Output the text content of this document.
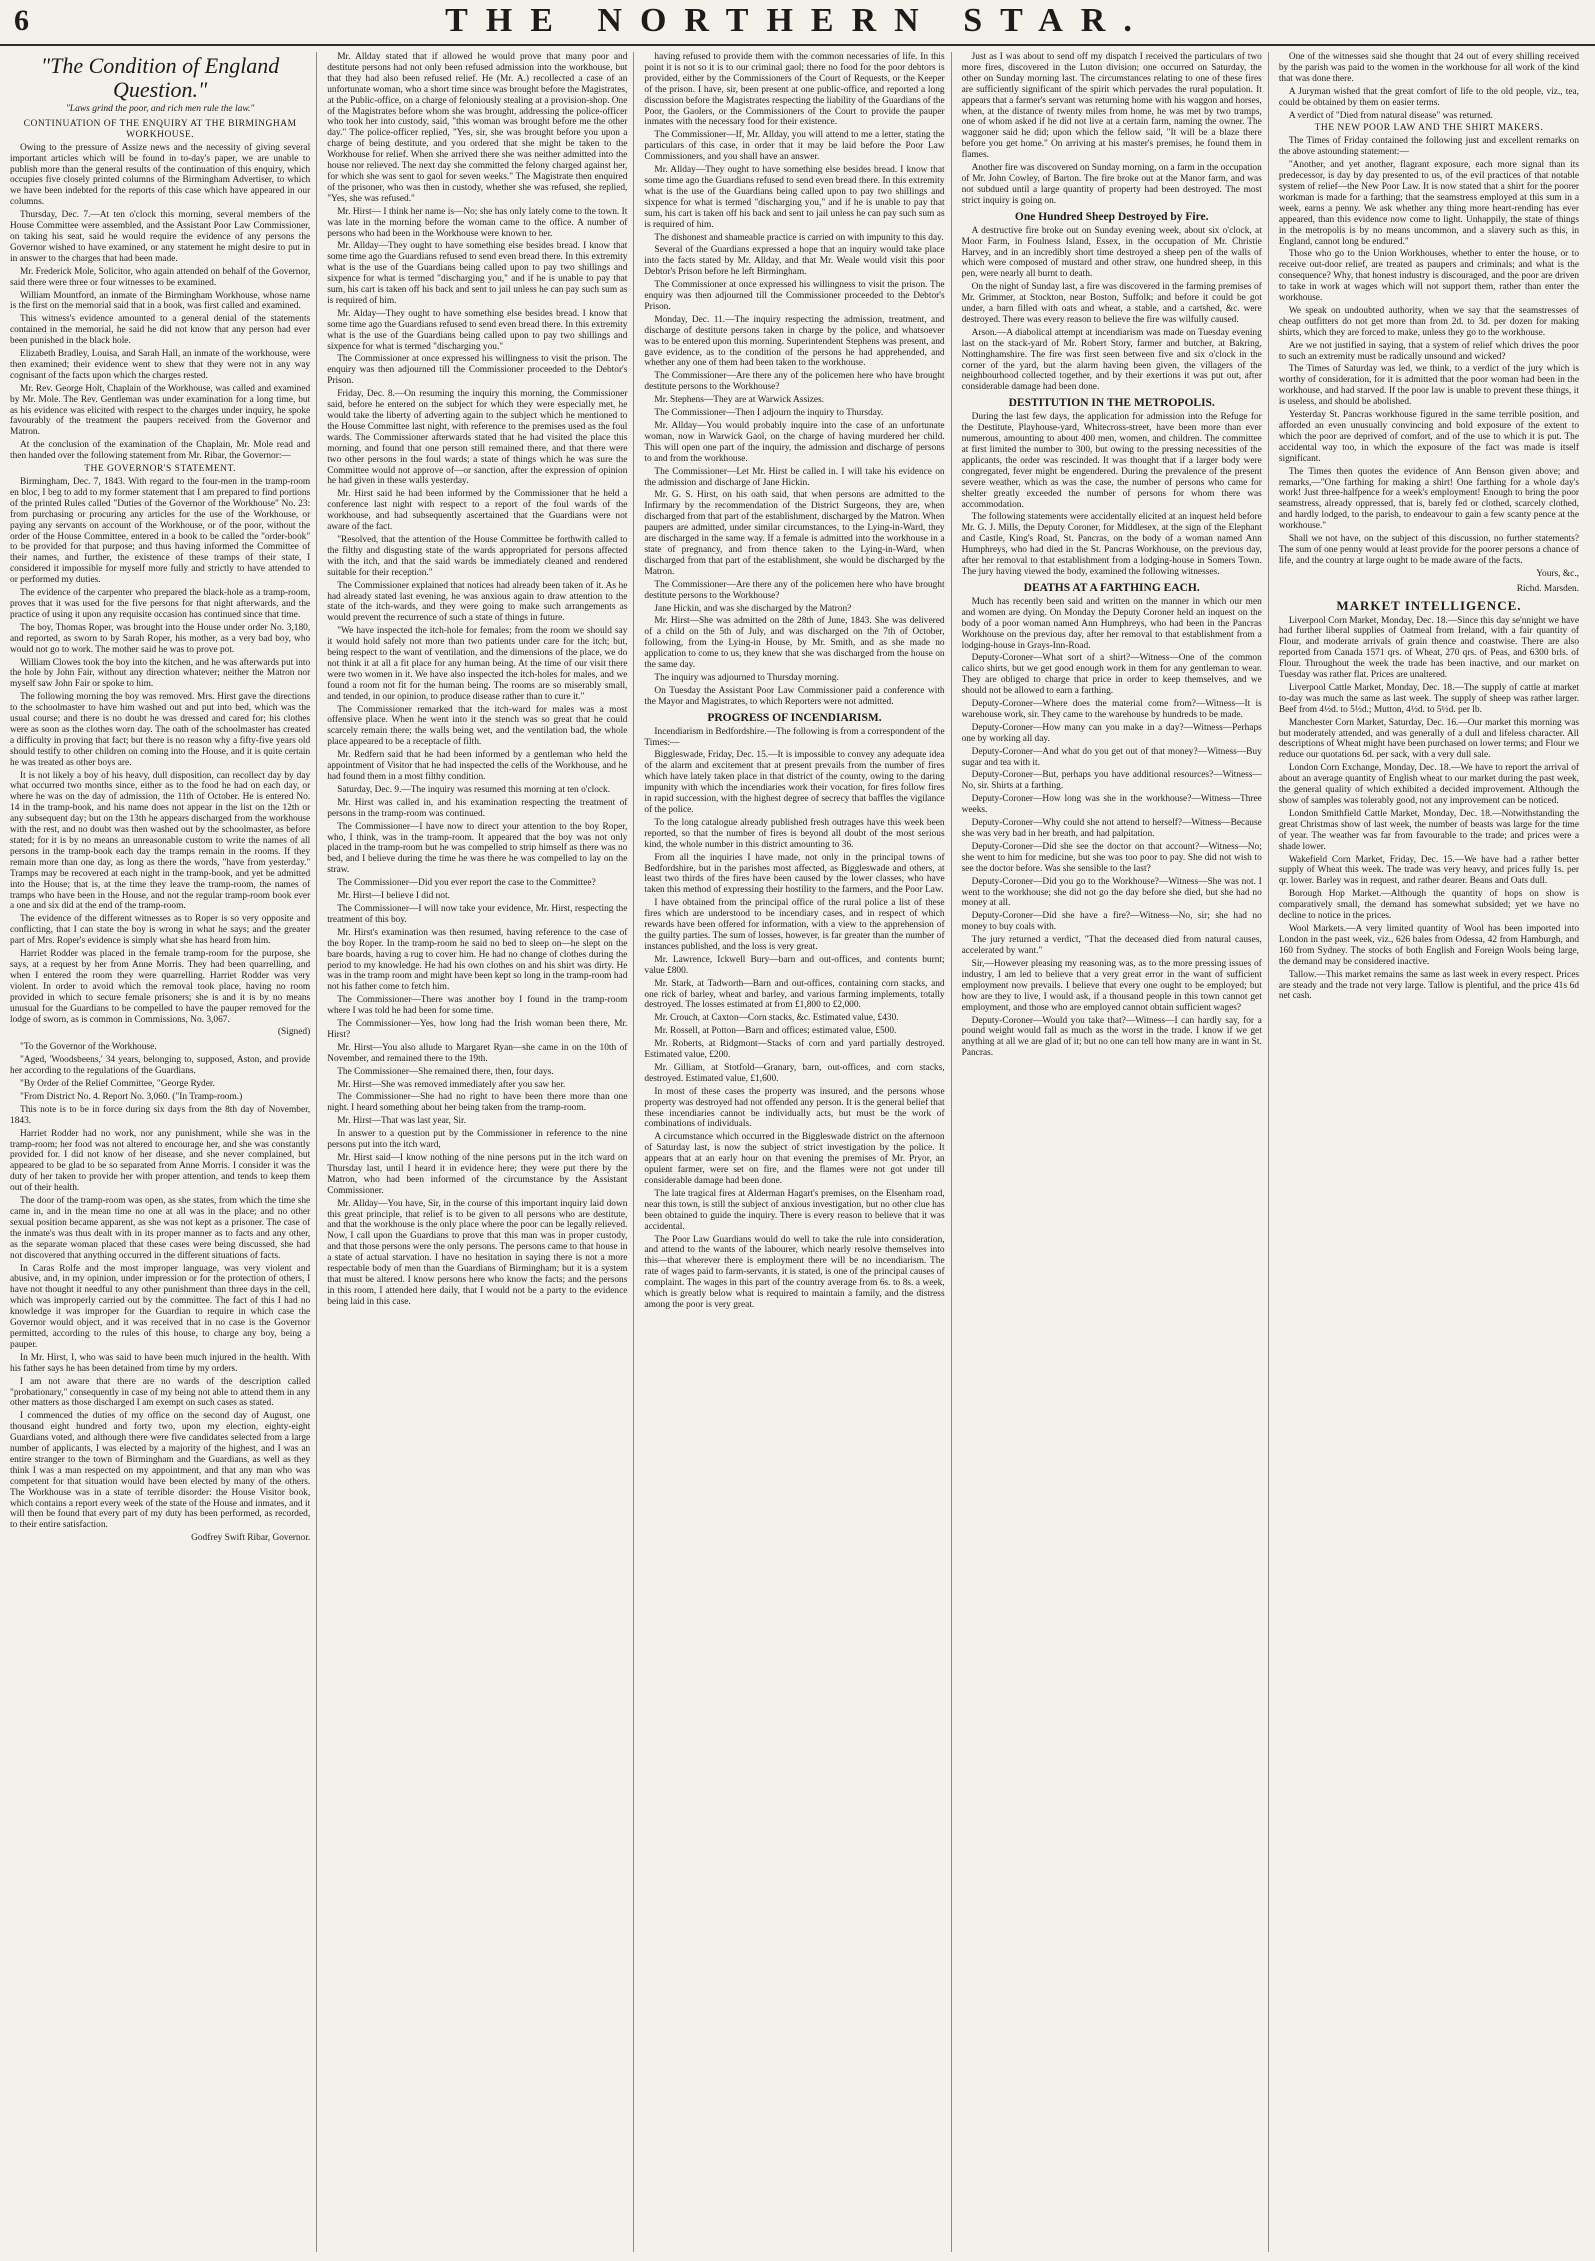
6	THE NORTHERN STAR.
"The Condition of England Question."
"Laws grind the poor, and rich men rule the law."
CONTINUATION OF THE ENQUIRY AT THE BIRMINGHAM WORKHOUSE.

Owing to the pressure of Assize news and the necessity of giving several important articles which will be found in to-day's paper, we are unable to publish more than the general results of the continuation of this enquiry, which occupies five closely printed columns of the Birmingham Advertiser, to which we have been indebted for the reports of this case which have appeared in our columns.

Thursday, Dec. 7.—At ten o'clock this morning, several members of the House Committee were assembled, and the Assistant Poor Law Commissioner, on taking his seat, said he would require the evidence of any persons the Governor wished to have examined, or any statement he might desire to put in in answer to the charges that had been made.

Mr. Frederick Mole, Solicitor, who again attended on behalf of the Governor, said there were three or four witnesses to be examined.

William Mountford, an inmate of the Birmingham Workhouse, whose name is the first on the memorial said that in a book, was first called and examined.

This witness's evidence amounted to a general denial of the statements contained in the memorial, he said he did not know that any person had ever been punished in the black hole.

Elizabeth Bradley, Louisa, and Sarah Hall, an inmate of the workhouse, were then examined; their evidence went to shew that they were not in any way cognisant of the facts upon which the charges rested.

Mr. Rev. George Holt, Chaplain of the Workhouse, was called and examined by Mr. Mole. The Rev. Gentleman was under examination for a long time, but as his evidence was elicited with respect to the charges under inquiry, he spoke favourably of the treatment the paupers received from the Governor and Matron.

At the conclusion of the examination of the Chaplain, Mr. Mole read and then handed over the following statement from Mr. Ribar, the Governor:—

THE GOVERNOR'S STATEMENT.

Birmingham, Dec. 7, 1843. With regard to the four-men in the tramp-room en bloc, I beg to add to my former statement that I am prepared to find portions of the printed Rules called "Duties of the Governor of the Workhouse" No. 23: from purchasing or procuring any articles for the use of the Workhouse, or paying any servants on account of the Workhouse, or of the poor, without the order of the House Committee, entered in a book to be called the "order-book" to be provided for that purpose; and thus having informed the Committee of their names, and further, the existence of these tramps of their state, I considered it impossible for myself more fully and strictly to have attended to or performed my duties.

The evidence of the carpenter who prepared the black-hole as a tramp-room, proves that it was used for the five persons for that night afterwards, and the practice of using it upon any requisite occasion has continued since that time.

The boy, Thomas Roper, was brought into the House under order No. 3,180, and reported, as sworn to by Sarah Roper, his mother, as a very bad boy, who would not go to work. The mother said he was to prove pot.

William Clowes took the boy into the kitchen, and he was afterwards put into the hole by John Fair, without any direction whatever; neither the Matron nor myself saw John Fair or spoke to him.

The following morning the boy was removed. Mrs. Hirst gave the directions to the schoolmaster to have him washed out and put into bed, which was the usual course; and there is no doubt he was dressed and cared for; his clothes were as soon as the clothes worn day. The oath of the schoolmaster has created a difficulty in proving that fact; but there is no reason why a fifty-five years old should testify to other children on coming into the House, and it is quite certain he was treated as other boys are.

It is not likely a boy of his heavy, dull disposition, can recollect day by day what occurred two months since, either as to the food he had on each day, or where he was on the day of admission, the 11th of October. He is entered No. 14 in the tramp-book, and his name does not appear in the list on the 12th or any subsequent day; but on the 13th he appears discharged from the workhouse with the rest, and no doubt was then washed out by the schoolmaster, as before stated; for it is by no means an unreasonable custom to write the names of all persons in the tramp-book each day the tramps remain in the rooms. If they remain more than one day, as long as there the words, "have from yesterday." Tramps may be recovered at each night in the tramp-book, and yet be admitted into the House; that is, at the time they leave the tramp-room, the names of tramps who have been in the House, and not the regular tramp-room book ever a one and six did at the end of the tramp-room.

The evidence of the different witnesses as to Roper is so very opposite and conflicting, that I can state the boy is wrong in what he says; and the greater part of Mrs. Roper's evidence is simply what she has heard from him.

Harriet Rodder was placed in the female tramp-room for the purpose, she says, at a request by her from Anne Morris. They had been quarrelling, and when I entered the room they were quarrelling. Harriet Rodder was very violent. In order to avoid which the removal took place, having no room provided in which to secure female prisoners; she is and it is by no means unusual for the Guardians to be compelled to have the pauper removed for the lodge of sworn, as is common in Commissions, No. 3,067.

(Signed)

"To the Governor of the Workhouse.

"Aged, 'Woodsbeens,' 34 years, belonging to, supposed, Aston, and provide her according to the regulations of the Guardians.

"By Order of the Relief Committee, "George Ryder.

"From District No. 4. Report No. 3,060. ("In Tramp-room.)

This note is to be in force during six days from the 8th day of November, 1843.

Harriet Rodder had no work, nor any punishment, while she was in the tramp-room; her food was not altered to encourage her, and she was constantly provided for. I did not know of her disease, and she never complained, but appeared to be glad to be so separated from Anne Morris. I consider it was the duty of her taken to provide her with proper attention, and tends to keep them out of their health.

The door of the tramp-room was open, as she states, from which the time she came in, and in the mean time no one at all was in the place; and no other sexual position became apparent, as she was not kept as a prisoner. The case of the inmate's was thus dealt with in its proper manner as to facts and any other, as the separate woman placed that these cases were being discussed, she had not discovered that anything occurred in the different situations of facts.

In Caras Rolfe and the most improper language, was very violent and abusive, and, in my opinion, under impression or for the protection of others, I have not thought it needful to any other punishment than three days in the cell, which was improperly carried out by the committee. The fact of this I had no knowledge it was improper for the Guardian to require in which case the Governor would object, and it was received that in no case is the Governor permitted, according to the rules of this house, to charge any boy, being a pauper.

In Mr. Hirst, I, who was said to have been much injured in the health. With his father says he has been detained from time by my orders.

I am not aware that there are no wards of the description called "probationary," consequently in case of my being not able to attend them in any other matters as those discharged I am exempt on such cases as stated.

I commenced the duties of my office on the second day of August, one thousand eight hundred and forty two, upon my election, eighty-eight Guardians voted, and although there were five candidates selected from a large number of applicants, I was elected by a majority of the highest, and I was an entire stranger to the town of Birmingham and the Guardians, as well as they think I was a man respected on my appointment, and that any man who was competent for that situation would have been elected by many of the others. The Workhouse was in a state of terrible disorder: the House Visitor book, which contains a report every week of the state of the House and inmates, and it will then be found that every part of my duty has been performed, as recorded, to their entire satisfaction.

Godfrey Swift Ribar, Governor.

Mr. Allday stated that if allowed he would prove that many poor and destitute persons had not only been refused admission into the workhouse, but that they had also been refused relief. He (Mr. A.) recollected a case of an unfortunate woman, who a short time since was brought before the Magistrates, at the Public-office, on a charge of feloniously stealing at a provision-shop. One of the Magistrates before whom she was brought, addressing the police-officer who took her into custody, said, "this woman was brought before me the other day." The police-officer replied, "Yes, sir, she was brought before you upon a charge of being destitute, and you ordered that she might be taken to the Workhouse for relief. When she arrived there she was neither admitted into the house nor relieved. The next day she committed the felony charged against her, for which she was sent to gaol for seven weeks." The Magistrate then enquired of the prisoner, who was then in custody, whether she was refused, she replied, "Yes, she was refused."

Mr. Hirst— I think her name is—No; she has only lately come to the town. It was late in the morning before the woman came to the office. A number of persons who had been in the Workhouse were known to her.

Mr. Allday—They ought to have something else besides bread. I know that some time ago the Guardians refused to send even bread there. In this extremity what is the use of the Guardians being called upon to pay two shillings and sixpence for what is termed "discharging you," and if he is unable to pay that sum, his cart is taken off his back and sent to jail unless he can pay such sum as is required of him.

Mr. Alday—They ought to have something else besides bread. I know that some time ago the Guardians refused to send even bread there. In this extremity what is the use of the Guardians being called upon to pay two shillings and sixpence for what is termed "discharging you."

The Commissioner at once expressed his willingness to visit the prison. The enquiry was then adjourned till the Commissioner proceeded to the Debtor's Prison.

Friday, Dec. 8.—On resuming the inquiry this morning, the Commissioner said, before he entered on the subject for which they were especially met, he would take the liberty of adverting again to the subject which he mentioned to the House Committee last night, with reference to the premises used as the foul wards. The Commissioner afterwards stated that he had visited the place this morning, and found that one person still remained there, and that there were two other persons in the foul wards; a state of things which he was sure the Committee would not approve of—or sanction, after the expression of opinion he had given in these walls yesterday.

Mr. Hirst said he had been informed by the Commissioner that he held a conference last night with respect to a report of the foul wards of the workhouse, and had subsequently ascertained that the Guardians were not aware of the fact.

"Resolved, that the attention of the House Committee be forthwith called to the filthy and disgusting state of the wards appropriated for persons affected with the itch, and that the said wards be immediately cleaned and rendered suitable for their reception."

The Commissioner explained that notices had already been taken of it. As he had already stated last evening, he was anxious again to draw attention to the state of the itch-wards, and they were going to make such arrangements as would prevent the recurrence of such a state of things in future.

"We have inspected the itch-hole for females; from the room we should say it would hold safely not more than two patients under care for the itch; but, being respect to the want of ventilation, and the dimensions of the place, we do not think it at all a fit place for any human being. At the time of our visit there were two women in it. We have also inspected the itch-holes for males, and we found a room not fit for the human being. The rooms are so miserably small, and tended, in our opinion, to produce disease rather than to cure it."

The Commissioner remarked that the itch-ward for males was a most offensive place. When he went into it the stench was so great that he could scarcely remain there; the walls being wet, and the ventilation bad, the whole place appeared to be a receptacle of filth.

Mr. Redfern said that he had been informed by a gentleman who held the appointment of Visitor that he had inspected the cells of the Workhouse, and he had found them in a most filthy condition.

Saturday, Dec. 9.—The inquiry was resumed this morning at ten o'clock.

Mr. Hirst was called in, and his examination respecting the treatment of persons in the tramp-room was continued.

The Commissioner—I have now to direct your attention to the boy Roper, who, I think, was in the tramp-room. It appeared that the boy was not only placed in the tramp-room but he was compelled to strip himself as there was no bed, and I believe during the time he was there he was compelled to lay on the straw.

The Commissioner—Did you ever report the case to the Committee?

Mr. Hirst—I believe I did not.

The Commissioner—I will now take your evidence, Mr. Hirst, respecting the treatment of this boy.

Mr. Hirst's examination was then resumed, having reference to the case of the boy Roper. In the tramp-room he said no bed to sleep on—he slept on the bare boards, having a rug to cover him. He had no change of clothes during the period to my knowledge. He had his own clothes on and his shirt was dirty. He was in the tramp room and might have been kept so long in the tramp-room had not his father come to fetch him.

The Commissioner—There was another boy I found in the tramp-room where I was told he had been for some time.

The Commissioner—Yes, how long had the Irish woman been there, Mr. Hirst?

Mr. Hirst—You also allude to Margaret Ryan—she came in on the 10th of November, and remained there to the 19th.

The Commissioner—She remained there, then, four days.

Mr. Hirst—She was removed immediately after you saw her.

The Commissioner—She had no right to have been there more than one night. I heard something about her being taken from the tramp-room.

Mr. Hirst—That was last year, Sir.

In answer to a question put by the Commissioner in reference to the nine persons put into the itch ward,

Mr. Hirst said—I know nothing of the nine persons put in the itch ward on Thursday last, until I heard it in evidence here; they were put there by the Matron, who had been informed of the circumstance by the Assistant Commissioner.

Mr. Allday—You have, Sir, in the course of this important inquiry laid down this great principle, that relief is to be given to all persons who are destitute, and that the workhouse is the only place where the poor can be legally relieved. Now, I call upon the Guardians to prove that this man was in proper custody, and that those persons were the only persons. The persons came to that house in a state of actual starvation. I have no hesitation in saying there is not a more respectable body of men than the Guardians of Birmingham; but it is a system that must be altered. I know persons here who know the facts; and the persons in this room, I attended here daily, that I would not be a party to the evidence being laid in this case.

having refused to provide them with the common necessaries of life. In this point it is not so it is to our criminal gaol; there no food for the poor debtors is provided, either by the Commissioners of the Court of Requests, or the Keeper of the prison. I have, sir, been present at one public-office, and reported a long discussion before the Magistrates respecting the liability of the Guardians of the Poor, the Gaolers, or the Commissioners of the Court to provide the pauper inmates with the necessary food for their existence.

The Commissioner—If, Mr. Allday, you will attend to me a letter, stating the particulars of this case, in order that it may be laid before the Poor Law Commissioners, and you shall have an answer.

Mr. Allday—They ought to have something else besides bread. I know that some time ago the Guardians refused to send even bread there. In this extremity what is the use of the Guardians being called upon to pay two shillings and sixpence for what is termed "discharging you," and if he is unable to pay that sum, his cart is taken off his back and sent to jail unless he can pay such sum as is required of him.

The dishonest and shameable practice is carried on with impunity to this day.

Several of the Guardians expressed a hope that an inquiry would take place into the facts stated by Mr. Allday, and that Mr. Weale would visit this poor Debtor's Prison before he left Birmingham.

The Commissioner at once expressed his willingness to visit the prison. The enquiry was then adjourned till the Commissioner proceeded to the Debtor's Prison.

Monday, Dec. 11.—The inquiry respecting the admission, treatment, and discharge of destitute persons taken in charge by the police, and whatsoever was to be entered upon this morning. Superintendent Stephens was present, and gave evidence, as to the condition of the persons he had apprehended, and whether any one of them had been taken to the workhouse.

The Commissioner—Are there any of the policemen here who have brought destitute persons to the Workhouse?

Mr. Stephens—They are at Warwick Assizes.

The Commissioner—Then I adjourn the inquiry to Thursday.

Mr. Allday—You would probably inquire into the case of an unfortunate woman, now in Warwick Gaol, on the charge of having murdered her child. This will open one part of the inquiry, the admission and discharge of persons to and from the workhouse.

The Commissioner—Let Mr. Hirst be called in. I will take his evidence on the admission and discharge of Jane Hickin.

Mr. G. S. Hirst, on his oath said, that when persons are admitted to the Infirmary by the recommendation of the District Surgeons, they are, when discharged from that part of the establishment, discharged by the Matron. When paupers are admitted, under similar circumstances, to the Lying-in-Ward, they are discharged in the same way. If a female is admitted into the workhouse in a state of pregnancy, and from thence taken to the Lying-in-Ward, when discharged from that part of the establishment, she would be discharged by the Matron.

The Commissioner—Are there any of the policemen here who have brought destitute persons to the Workhouse?

Jane Hickin, and was she discharged by the Matron?

Mr. Hirst—She was admitted on the 28th of June, 1843. She was delivered of a child on the 5th of July, and was discharged on the 7th of October, following, from the Lying-in House, by Mr. Smith, and as she made no application to come to us, they knew that she was discharged from the house on the same day.

The inquiry was adjourned to Thursday morning.

On Tuesday the Assistant Poor Law Commissioner paid a conference with the Mayor and Magistrates, to which Reporters were not admitted.

PROGRESS OF INCENDIARISM.

Incendiarism in Bedfordshire.—The following is from a correspondent of the Times:—

Biggleswade, Friday, Dec. 15.—It is impossible to convey any adequate idea of the alarm and excitement that at present prevails from the number of fires which have lately taken place in that district of the county, owing to the daring impunity with which the incendiaries work their vocation, for fires follow fires in rapid succession, with the highest degree of secrecy that baffles the vigilance of the police.

To the long catalogue already published fresh outrages have this week been reported, so that the number of fires is beyond all doubt of the most serious kind, the whole number in this district amounting to 36.

From all the inquiries I have made, not only in the principal towns of Bedfordshire, but in the parishes most affected, as Biggleswade and others, at least two thirds of the fires have been caused by the lower classes, who have taken this method of expressing their hostility to the farmers, and the Poor Law.

I have obtained from the principal office of the rural police a list of these fires which are understood to be incendiary cases, and in respect of which rewards have been offered for information, with a view to the apprehension of the guilty parties. The sum of losses, however, is far greater than the number of instances published, and the loss is very great.

Mr. Lawrence, Ickwell Bury—barn and out-offices, and contents burnt; value £800.

Mr. Stark, at Tadworth—Barn and out-offices, containing corn stacks, and one rick of barley, wheat and barley, and various farming implements, totally destroyed. The losses estimated at from £1,800 to £2,000.

Mr. Crouch, at Caxton—Corn stacks, &c. Estimated value, £430.

Mr. Rossell, at Potton—Barn and offices; estimated value, £500.

Mr. Roberts, at Ridgmont—Stacks of corn and yard partially destroyed. Estimated value, £200.

Mr. Gilliam, at Stotfold—Granary, barn, out-offices, and corn stacks, destroyed. Estimated value, £1,600.

In most of these cases the property was insured, and the persons whose property was destroyed had not offended any person. It is the general belief that these incendiaries cannot be individually acts, but must be the work of combinations of individuals.

A circumstance which occurred in the Biggleswade district on the afternoon of Saturday last, is now the subject of strict investigation by the police. It appears that at an early hour on that evening the premises of Mr. Pryor, an opulent farmer, were set on fire, and the flames were not got under till considerable damage had been done.

The late tragical fires at Alderman Hagart's premises, on the Elsenham road, near this town, is still the subject of anxious investigation, but no other clue has been obtained to guide the inquiry. There is every reason to believe that it was accidental.

The Poor Law Guardians would do well to take the rule into consideration, and attend to the wants of the labourer, which nearly resolve themselves into this—that wherever there is employment there will be no incendiarism. The rate of wages paid to farm-servants, it is stated, is one of the principal causes of complaint. The wages in this part of the country average from 6s. to 8s. a week, which is greatly below what is required to maintain a family, and the distress among the poor is very great.

Just as I was about to send off my dispatch I received the particulars of two more fires, discovered in the Luton division; one occurred on Saturday, the other on Sunday morning last. The circumstances relating to one of these fires are sufficiently significant of the spirit which pervades the rural population. It appears that a farmer's servant was returning home with his waggon and horses, when, at the distance of twenty miles from home, he was met by two tramps, one of whom asked if he did not live at a certain farm, naming the owner. The waggoner said he did; upon which the fellow said, "It will be a blaze there before you get home." On arriving at his master's premises, he found them in flames.

Another fire was discovered on Sunday morning, on a farm in the occupation of Mr. John Cowley, of Barton. The fire broke out at the Manor farm, and was not subdued until a large quantity of property had been destroyed. The most strict inquiry is going on.

One Hundred Sheep Destroyed by Fire.

A destructive fire broke out on Sunday evening week, about six o'clock, at Moor Farm, in Foulness Island, Essex, in the occupation of Mr. Christie Harvey, and in an incredibly short time destroyed a sheep pen of the walls of which were composed of mustard and other straw, one hundred sheep, in this pen, were nearly all burnt to death.

On the night of Sunday last, a fire was discovered in the farming premises of Mr. Grimmer, at Stockton, near Boston, Suffolk; and before it could be got under, a barn filled with oats and wheat, a stable, and a cartshed, &c. were destroyed. There was every reason to believe the fire was wilfully caused.

Arson.—A diabolical attempt at incendiarism was made on Tuesday evening last on the stack-yard of Mr. Robert Story, farmer and butcher, at Bakring, Nottinghamshire. The fire was first seen between five and six o'clock in the corner of the yard, but the alarm having been given, the villagers of the neighbourhood collected together, and by their exertions it was put out, after considerable damage had been done.

DESTITUTION IN THE METROPOLIS.

During the last few days, the application for admission into the Refuge for the Destitute, Playhouse-yard, Whitecross-street, have been more than ever numerous, amounting to about 400 men, women, and children. The committee at first limited the number to 300, but owing to the pressing necessities of the applicants, the order was rescinded. It was thought that if a larger body were congregated, fever might be engendered. During the prevalence of the present severe weather, which as was the case, the number of persons who came for shelter greatly exceeded the number of persons for whom there was accommodation.

The following statements were accidentally elicited at an inquest held before Mr. G. J. Mills, the Deputy Coroner, for Middlesex, at the sign of the Elephant and Castle, King's Road, St. Pancras, on the body of a woman named Ann Humphreys, who had died in the St. Pancras Workhouse, on the previous day, after her removal to that establishment from a lodging-house in Somers Town. The jury having viewed the body, examined the following witnesses.

DEATHS AT A FARTHING EACH.

Much has recently been said and written on the manner in which our men and women are dying. On Monday the Deputy Coroner held an inquest on the body of a poor woman named Ann Humphreys, who had been in the Pancras Workhouse on the previous day, after her removal to that establishment from a lodging-house in Grays-Inn-Road.

Deputy-Coroner—What sort of a shirt?—Witness—One of the common calico shirts, but we get good enough work in them for any gentleman to wear. They are obliged to charge that price in order to keep themselves, and we should not be allowed to earn a farthing.

Deputy-Coroner—Where does the material come from?—Witness—It is warehouse work, sir. They came to the warehouse by hundreds to be made.

Deputy-Coroner—How many can you make in a day?—Witness—Perhaps one by working all day.

Deputy-Coroner—And what do you get out of that money?—Witness—Buy sugar and tea with it.

Deputy-Coroner—But, perhaps you have additional resources?—Witness—No, sir. Shirts at a farthing.

Deputy-Coroner—How long was she in the workhouse?—Witness—Three weeks.

Deputy-Coroner—Why could she not attend to herself?—Witness—Because she was very bad in her breath, and had palpitation.

Deputy-Coroner—Did she see the doctor on that account?—Witness—No; she went to him for medicine, but she was too poor to pay. She did not wish to see the doctor before. Was she sensible to the last?

Deputy-Coroner—Did you go to the Workhouse?—Witness—She was not. I went to the workhouse; she did not go the day before she died, but she had no money at all.

Deputy-Coroner—Did she have a fire?—Witness—No, sir; she had no money to buy coals with.

The jury returned a verdict, "That the deceased died from natural causes, accelerated by want."

Sir,—However pleasing my reasoning was, as to the more pressing issues of industry, I am led to believe that a very great error in the want of sufficient employment now prevails. I believe that every one ought to be employed; but how are they to live, I would ask, if a thousand people in this town cannot get employment, and those who are employed cannot obtain sufficient wages?

Deputy-Coroner—Would you take that?—Witness—I can hardly say, for a pound weight would fall as much as the worst in the trade. I know if we get anything at all we are glad of it; but no one can tell how many are in want in St. Pancras.

One of the witnesses said she thought that 24 out of every shilling received by the parish was paid to the women in the workhouse for all work of the kind that was done there.

A Juryman wished that the great comfort of life to the old people, viz., tea, could be obtained by them on easier terms.

A verdict of "Died from natural disease" was returned.

THE NEW POOR LAW AND THE SHIRT MAKERS.

The Times of Friday contained the following just and excellent remarks on the above astounding statement:—

"Another, and yet another, flagrant exposure, each more signal than its predecessor, is day by day presented to us, of the evil practices of that notable system of relief—the New Poor Law. It is now stated that a shirt for the poorer workman is made for a farthing; that the seamstress employed at this sum in a week, earns a penny. We ask whether any thing more heart-rending has ever appeared, than this evidence now come to light. Unhappily, the state of things in the metropolis is by no means uncommon, and a slavery such as this, in England, cannot long be endured."

Those who go to the Union Workhouses, whether to enter the house, or to receive out-door relief, are treated as paupers and criminals; and what is the consequence? Why, that honest industry is discouraged, and the poor are driven to take in work at wages which will not support them, rather than enter the workhouse.

We speak on undoubted authority, when we say that the seamstresses of cheap outfitters do not get more than from 2d. to 3d. per dozen for making shirts, which they are forced to make, unless they go to the workhouse.

Are we not justified in saying, that a system of relief which drives the poor to such an extremity must be radically unsound and wicked?

The Times of Saturday was led, we think, to a verdict of the jury which is worthy of consideration, for it is admitted that the poor woman had been in the workhouse, and had starved. If the poor law is unable to prevent these things, it is useless, and should be abolished.

Yesterday St. Pancras workhouse figured in the same terrible position, and afforded an even unusually convincing and bold exposure of the extent to which the poor are deprived of comfort, and of the use to which it is put. The accidental way too, in which the exposure of the fact was made is itself significant.

The Times then quotes the evidence of Ann Benson given above; and remarks,—"One farthing for making a shirt! One farthing for a whole day's work! Just three-halfpence for a week's employment! Enough to bring the poor seamstress, already oppressed, that is, barely fed or clothed, scarcely clothed, and hardly lodged, to the parish, to endeavour to gain a few scanty pence at the workhouse."

Shall we not have, on the subject of this discussion, no further statements? The sum of one penny would at least provide for the poorer persons a chance of life, and the country at large ought to be made aware of the facts.

Yours, &c.,

Richd. Marsden.

MARKET INTELLIGENCE.

Liverpool Corn Market, Monday, Dec. 18.—Since this day se'nnight we have had further liberal supplies of Oatmeal from Ireland, with a fair quantity of Flour, and moderate arrivals of grain thence and coastwise. There are also reported from Canada 1571 qrs. of Wheat, 270 qrs. of Peas, and 6300 brls. of Flour. Throughout the week the trade has been inactive, and our market on Tuesday was rather flat. Prices are unaltered.

Liverpool Cattle Market, Monday, Dec. 18.—The supply of cattle at market to-day was much the same as last week. The supply of sheep was rather larger. Beef from 4½d. to 5½d.; Mutton, 4½d. to 5½d. per lb.

Manchester Corn Market, Saturday, Dec. 16.—Our market this morning was but moderately attended, and was generally of a dull and lifeless character. All descriptions of Wheat might have been purchased on lower terms; and Flour we reduce our quotations 6d. per sack, with a very dull sale.

London Corn Exchange, Monday, Dec. 18.—We have to report the arrival of about an average quantity of English wheat to our market during the past week, the general quality of which exhibited a decided improvement. Although the show of samples was tolerably good, not any improvement can be noticed.

London Smithfield Cattle Market, Monday, Dec. 18.—Notwithstanding the great Christmas show of last week, the number of beasts was large for the time of year. The weather was far from favourable to the trade; and prices were a shade lower.

Wakefield Corn Market, Friday, Dec. 15.—We have had a rather better supply of Wheat this week. The trade was very heavy, and prices fully 1s. per qr. lower. Barley was in request, and rather dearer. Beans and Oats dull.

Borough Hop Market.—Although the quantity of hops on show is comparatively small, the demand has somewhat subsided; yet we have no decline to notice in the prices.

Wool Markets.—A very limited quantity of Wool has been imported into London in the past week, viz., 626 bales from Odessa, 42 from Hamburgh, and 160 from Sydney. The stocks of both English and Foreign Wools being large, the demand may be considered inactive.

Tallow.—This market remains the same as last week in every respect. Prices are steady and the trade not very large. Tallow is plentiful, and the price 41s 6d net cash.
